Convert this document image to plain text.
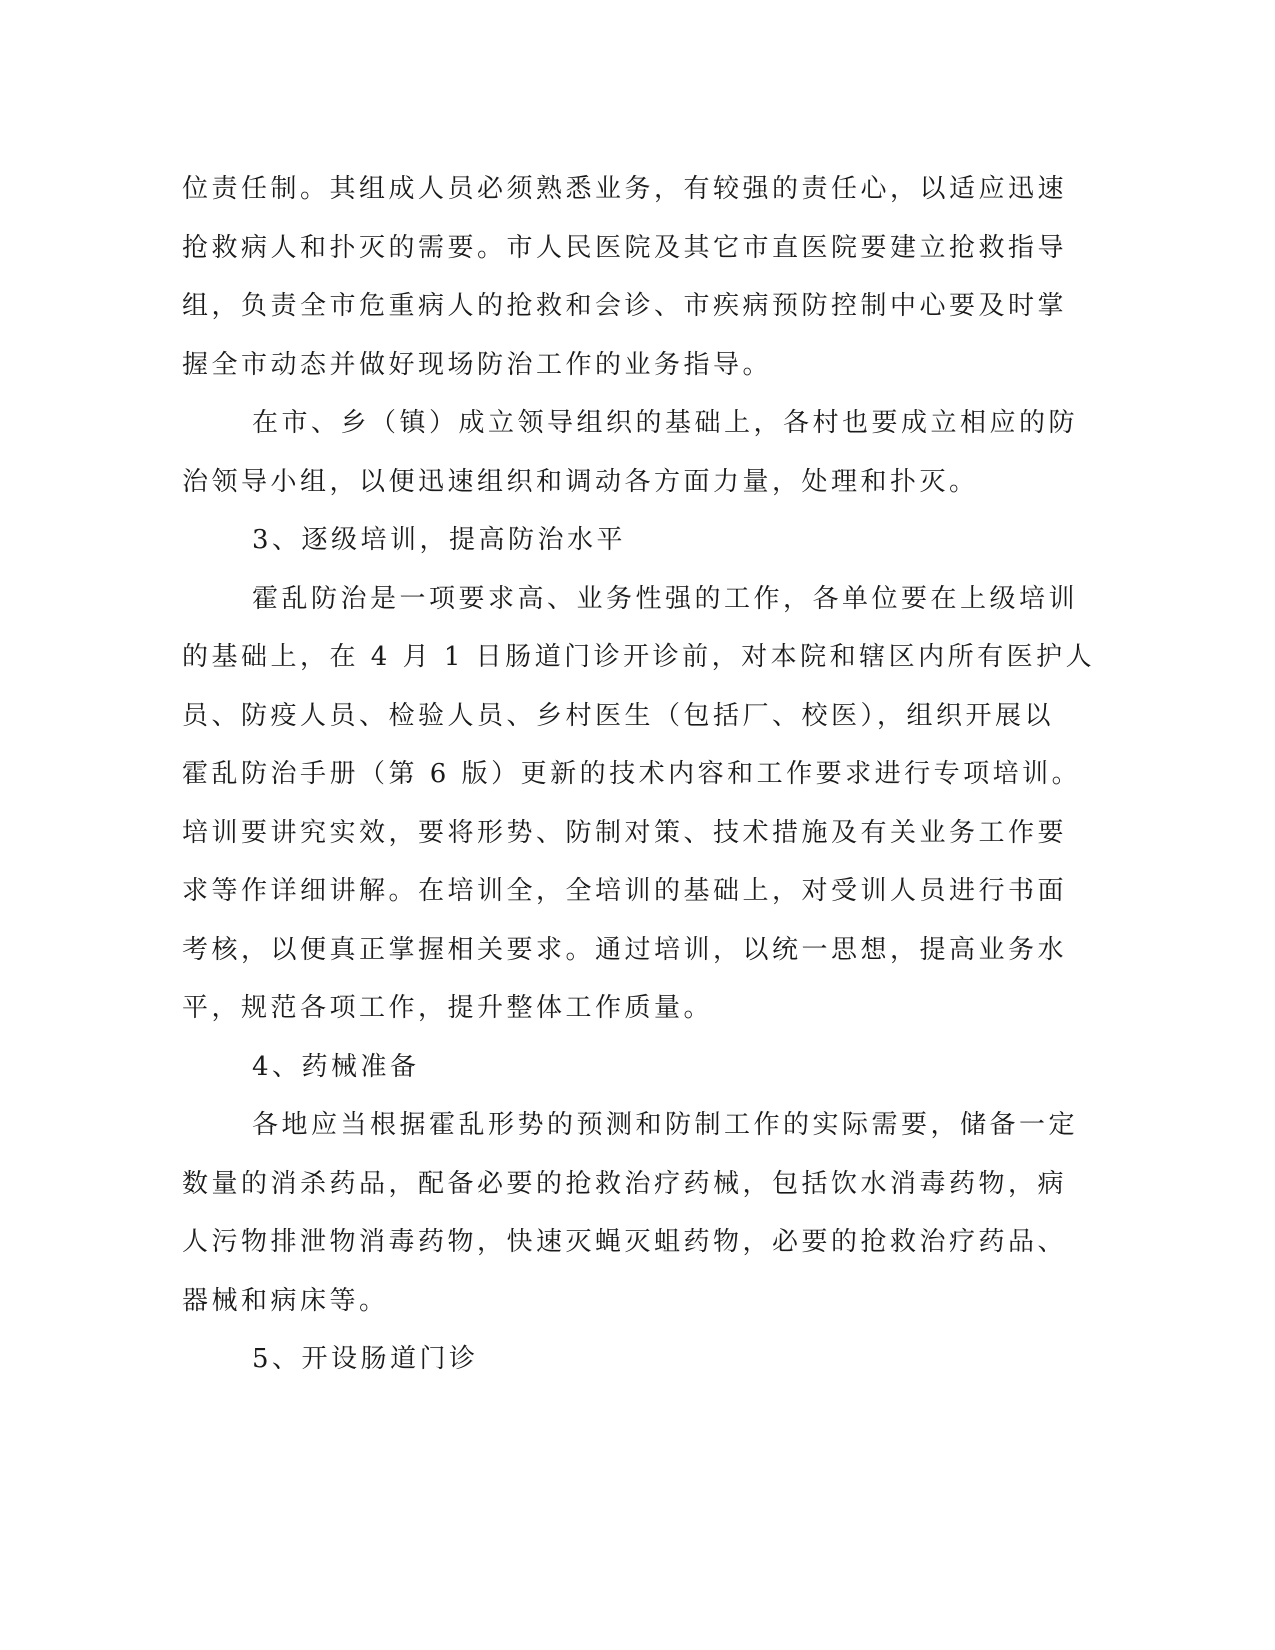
位责任制。其组成人员必须熟悉业务，有较强的责任心，以适应迅速
抢救病人和扑灭的需要。市人民医院及其它市直医院要建立抢救指导
组，负责全市危重病人的抢救和会诊、市疾病预防控制中心要及时掌
握全市动态并做好现场防治工作的业务指导。
在市、乡（镇）成立领导组织的基础上，各村也要成立相应的防
治领导小组，以便迅速组织和调动各方面力量，处理和扑灭。
3、逐级培训，提高防治水平
霍乱防治是一项要求高、业务性强的工作，各单位要在上级培训
的基础上，在 4 月 1 日肠道门诊开诊前，对本院和辖区内所有医护人
员、防疫人员、检验人员、乡村医生（包括厂、校医），组织开展以
霍乱防治手册（第 6 版）更新的技术内容和工作要求进行专项培训。
培训要讲究实效，要将形势、防制对策、技术措施及有关业务工作要
求等作详细讲解。在培训全，全培训的基础上，对受训人员进行书面
考核，以便真正掌握相关要求。通过培训，以统一思想，提高业务水
平，规范各项工作，提升整体工作质量。
4、药械准备
各地应当根据霍乱形势的预测和防制工作的实际需要，储备一定
数量的消杀药品，配备必要的抢救治疗药械，包括饮水消毒药物，病
人污物排泄物消毒药物，快速灭蝇灭蛆药物，必要的抢救治疗药品、
器械和病床等。
5、开设肠道门诊
